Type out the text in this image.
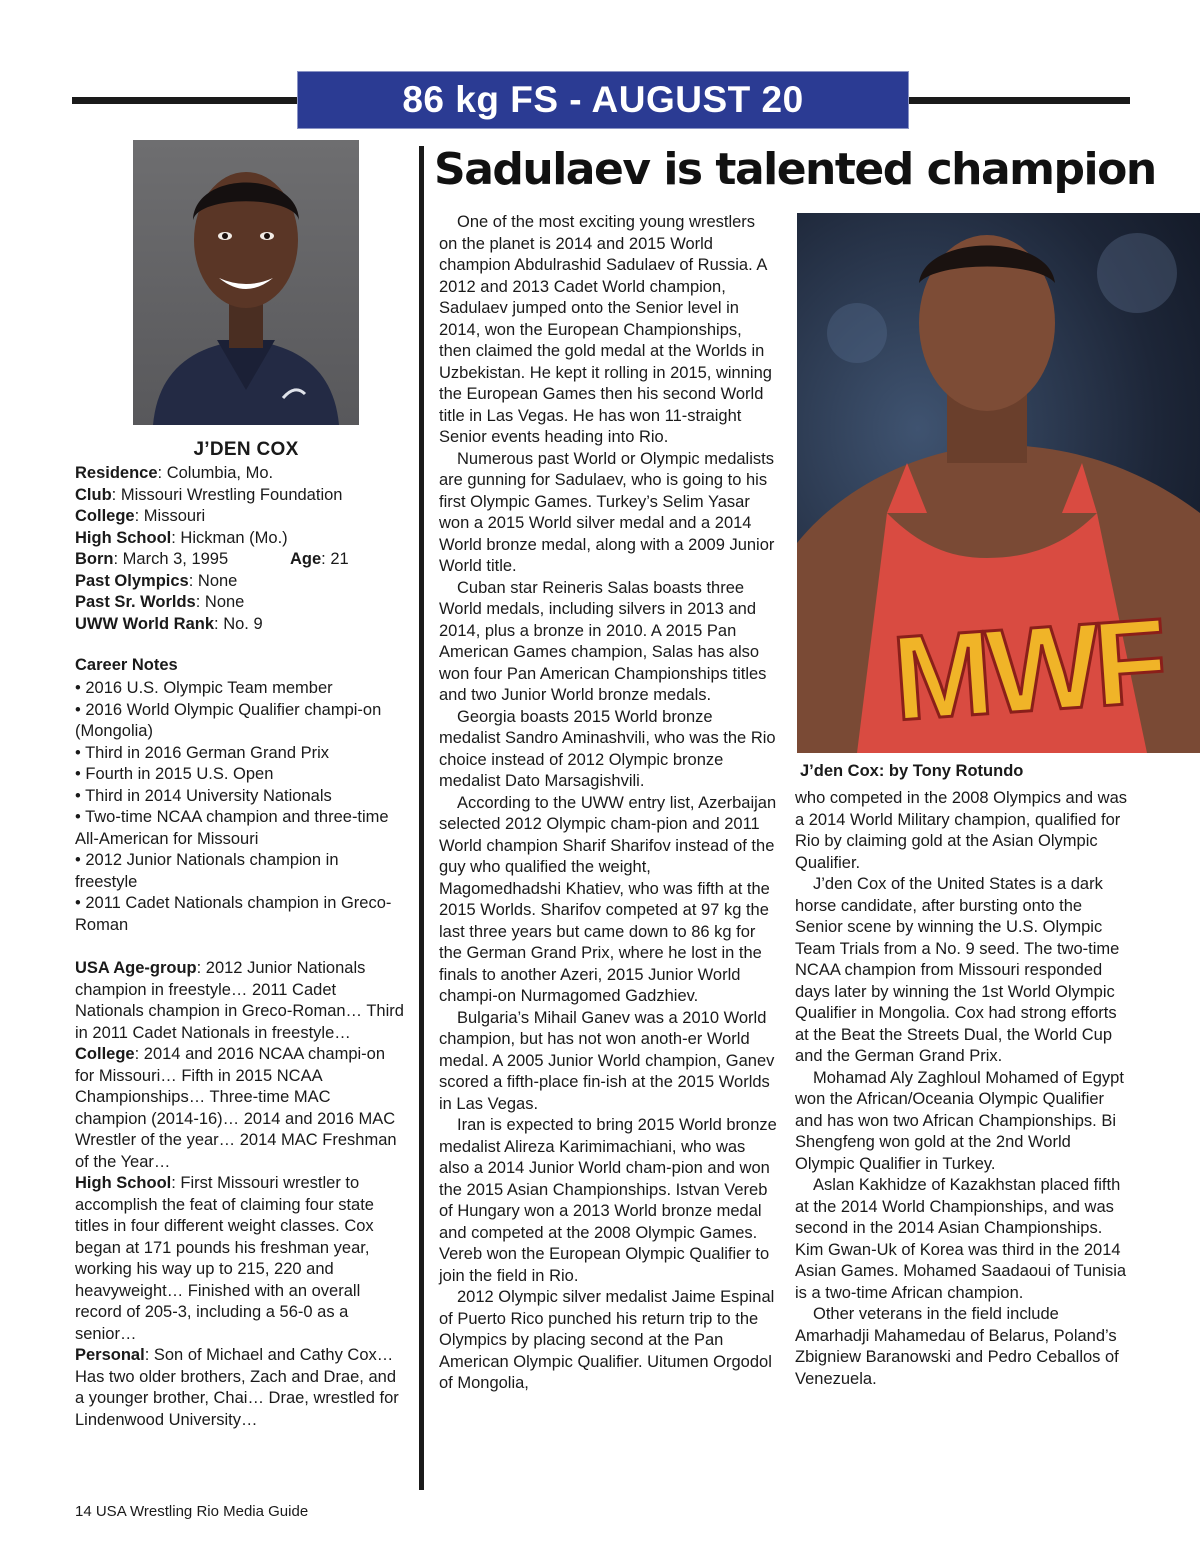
86 kg FS - AUGUST 20
J’DEN COX
Residence: Columbia, Mo.
Club: Missouri Wrestling Foundation
College: Missouri
High School: Hickman (Mo.)
Born: March 3, 1995	Age: 21
Past Olympics: None
Past Sr. Worlds: None
UWW World Rank: No. 9
Career Notes
• 2016 U.S. Olympic Team member
• 2016 World Olympic Qualifier champi-on (Mongolia)
• Third in 2016 German Grand Prix
• Fourth in 2015 U.S. Open
• Third in 2014 University Nationals
• Two-time NCAA champion and three-time All-American for Missouri
• 2012 Junior Nationals champion in freestyle
• 2011 Cadet Nationals champion in Greco-Roman

USA Age-group: 2012 Junior Nationals champion in freestyle… 2011 Cadet Nationals champion in Greco-Roman… Third in 2011 Cadet Nationals in freestyle…

College: 2014 and 2016 NCAA champi-on for Missouri… Fifth in 2015 NCAA Championships… Three-time MAC champion (2014-16)… 2014 and 2016 MAC Wrestler of the year… 2014 MAC Freshman of the Year…

High School: First Missouri wrestler to accomplish the feat of claiming four state titles in four different weight classes. Cox began at 171 pounds his freshman year, working his way up to 215, 220 and heavyweight… Finished with an overall record of 205-3, including a 56-0 as a senior…

Personal: Son of Michael and Cathy Cox… Has two older brothers, Zach and Drae, and a younger brother, Chai… Drae, wrestled for Lindenwood University…

Sadulaev is talented champion

One of the most exciting young wrestlers on the planet is 2014 and 2015 World champion Abdulrashid Sadulaev of Russia. A 2012 and 2013 Cadet World champion, Sadulaev jumped onto the Senior level in 2014, won the European Championships, then claimed the gold medal at the Worlds in Uzbekistan. He kept it rolling in 2015, winning the European Games then his second World title in Las Vegas. He has won 11-straight Senior events heading into Rio.

Numerous past World or Olympic medalists are gunning for Sadulaev, who is going to his first Olympic Games. Turkey’s Selim Yasar won a 2015 World silver medal and a 2014 World bronze medal, along with a 2009 Junior World title.

Cuban star Reineris Salas boasts three World medals, including silvers in 2013 and 2014, plus a bronze in 2010. A 2015 Pan American Games champion, Salas has also won four Pan American Championships titles and two Junior World bronze medals.

Georgia boasts 2015 World bronze medalist Sandro Aminashvili, who was the Rio choice instead of 2012 Olympic bronze medalist Dato Marsagishvili.

According to the UWW entry list, Azerbaijan selected 2012 Olympic cham-pion and 2011 World champion Sharif Sharifov instead of the guy who qualified the weight, Magomedhadshi Khatiev, who was fifth at the 2015 Worlds. Sharifov competed at 97 kg the last three years but came down to 86 kg for the German Grand Prix, where he lost in the finals to another Azeri, 2015 Junior World champi-on Nurmagomed Gadzhiev.

Bulgaria’s Mihail Ganev was a 2010 World champion, but has not won anoth-er World medal. A 2005 Junior World champion, Ganev scored a fifth-place fin-ish at the 2015 Worlds in Las Vegas.

Iran is expected to bring 2015 World bronze medalist Alireza Karimimachiani, who was also a 2014 Junior World cham-pion and won the 2015 Asian Championships. Istvan Vereb of Hungary won a 2013 World bronze medal and competed at the 2008 Olympic Games. Vereb won the European Olympic Qualifier to join the field in Rio.

2012 Olympic silver medalist Jaime Espinal of Puerto Rico punched his return trip to the Olympics by placing second at the Pan American Olympic Qualifier. Uitumen Orgodol of Mongolia,

MWF
J’den Cox: by Tony Rotundo

who competed in the 2008 Olympics and was a 2014 World Military champion, qualified for Rio by claiming gold at the Asian Olympic Qualifier.

J’den Cox of the United States is a dark horse candidate, after bursting onto the Senior scene by winning the U.S. Olympic Team Trials from a No. 9 seed. The two-time NCAA champion from Missouri responded days later by winning the 1st World Olympic Qualifier in Mongolia. Cox had strong efforts at the Beat the Streets Dual, the World Cup and the German Grand Prix.

Mohamad Aly Zaghloul Mohamed of Egypt won the African/Oceania Olympic Qualifier and has won two African Championships. Bi Shengfeng won gold at the 2nd World Olympic Qualifier in Turkey.

Aslan Kakhidze of Kazakhstan placed fifth at the 2014 World Championships, and was second in the 2014 Asian Championships. Kim Gwan-Uk of Korea was third in the 2014 Asian Games. Mohamed Saadaoui of Tunisia is a two-time African champion.

Other veterans in the field include Amarhadji Mahamedau of Belarus, Poland’s Zbigniew Baranowski and Pedro Ceballos of Venezuela.

14 USA Wrestling Rio Media Guide
